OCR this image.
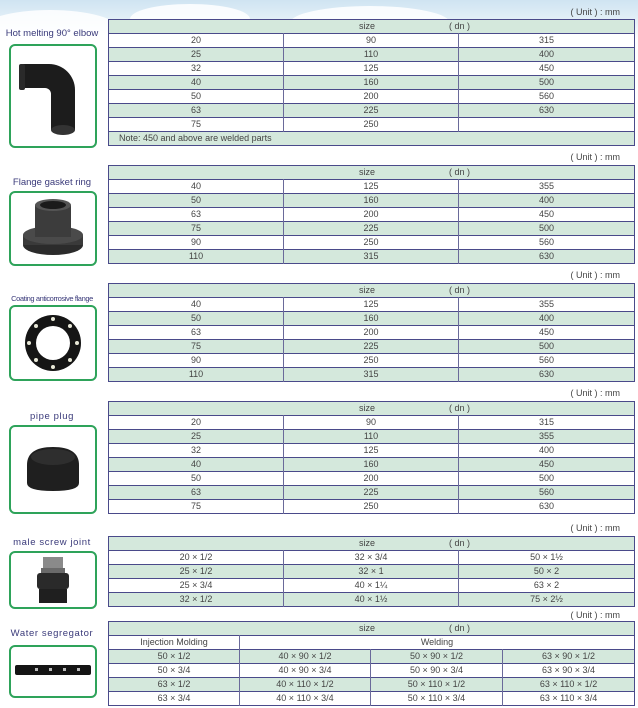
( Unit ) : mm
Hot melting 90° elbow
size ( dn )		

20	90	315
25	110	400
32	125	450
40	160	500
50	200	560
63	225	630
75	250	
Note: 450 and above are welded parts		
( Unit ) : mm
Flange gasket ring
size ( dn )		

40	125	355
50	160	400
63	200	450
75	225	500
90	250	560
110	315	630
( Unit ) : mm
Coating anticorrosive flange
size ( dn )		

40	125	355
50	160	400
63	200	450
75	225	500
90	250	560
110	315	630
( Unit ) : mm
pipe plug
size ( dn )		

20	90	315
25	110	355
32	125	400
40	160	450
50	200	500
63	225	560
75	250	630
( Unit ) : mm
male screw joint	size ( dn )		

20 × 1/2	32 × 3/4	50 × 1½
25 × 1/2	32 × 1	50 × 2
25 × 3/4	40 × 1¼	63 × 2
32 × 1/2	40 × 1½	75 × 2½
( Unit ) : mm
Water segregator	size ( dn )			

Injection Molding	Welding		
50 × 1/2	40 × 90 × 1/2	50 × 90 × 1/2	63 × 90 × 1/2
50 × 3/4	40 × 90 × 3/4	50 × 90 × 3/4	63 × 90 × 3/4
63 × 1/2	40 × 110 × 1/2	50 × 110 × 1/2	63 × 110 × 1/2
63 × 3/4	40 × 110 × 3/4	50 × 110 × 3/4	63 × 110 × 3/4
